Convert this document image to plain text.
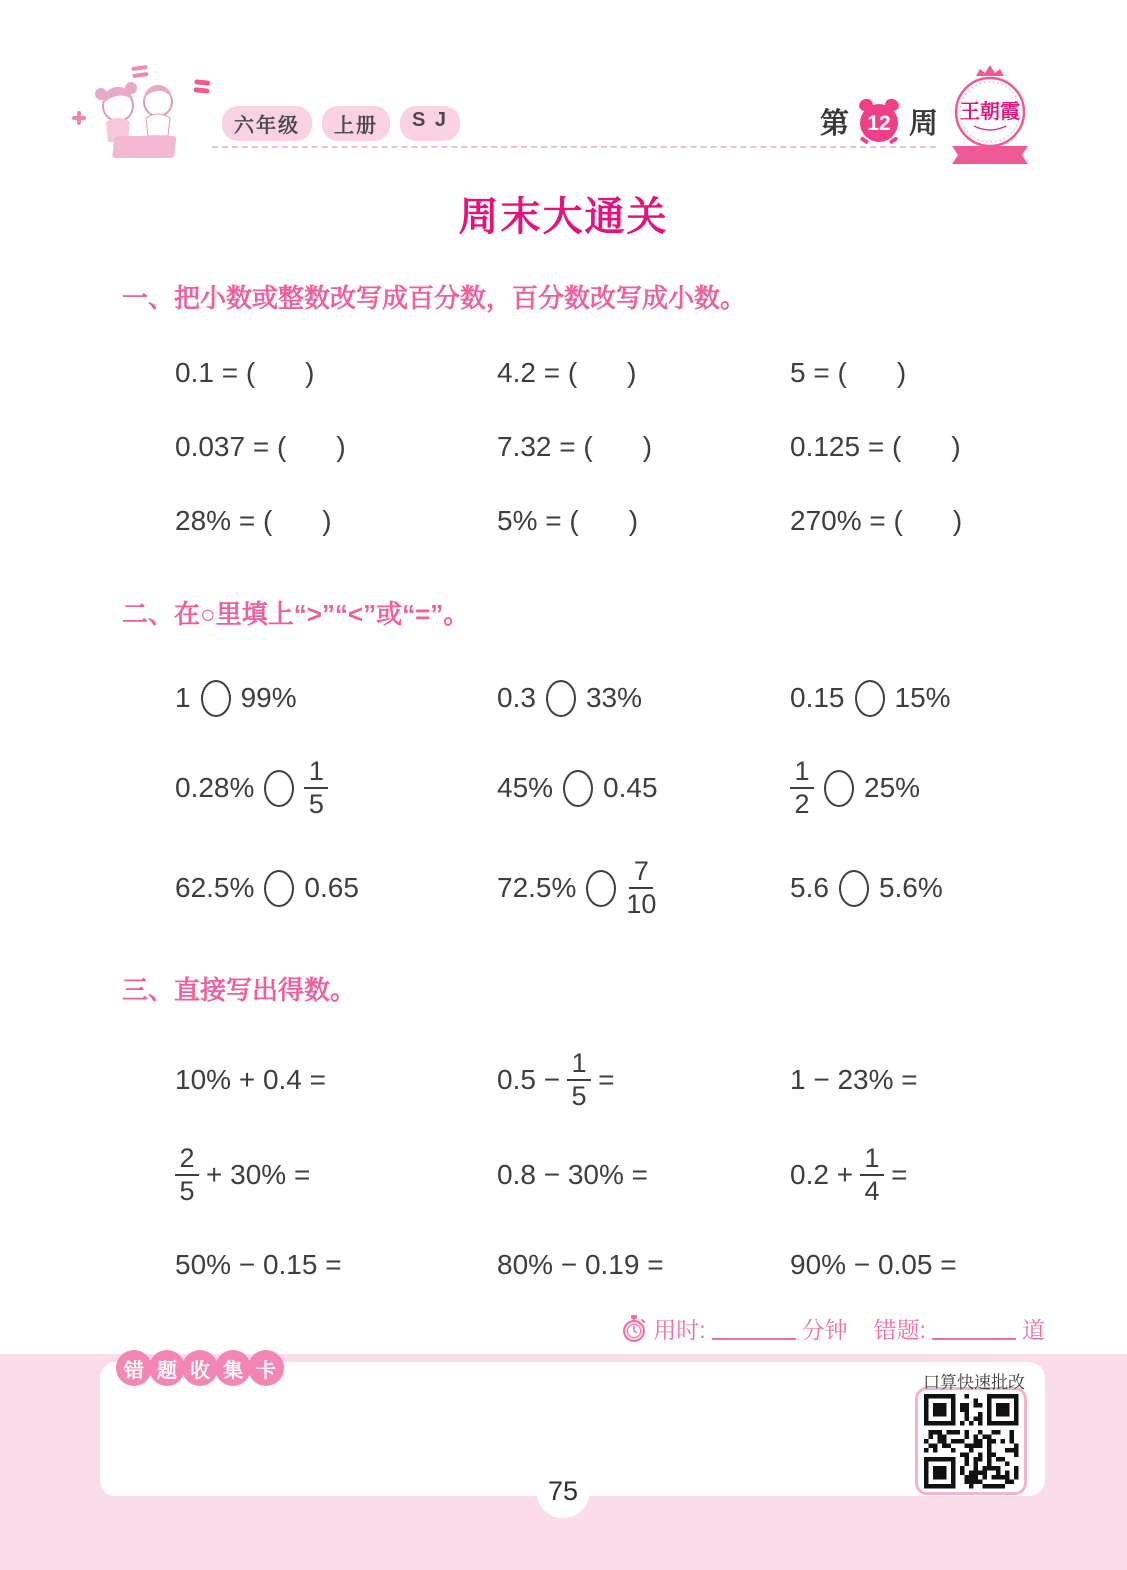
六年级	上册	S J	第 12 周 王朝霞
周末大通关
一、把小数或整数改写成百分数，百分数改写成小数。
0.1 = ( )	4.2 = ( )	5 = ( )
0.037 = ( )	7.32 = ( )	0.125 = ( )
28% = ( )	5% = ( )	270% = ( )
二、在○里填上“>”“<”或“=”。
1 99%	0.3 33%	0.15 15%
$0.28\% \frac{1}{5}$	45% 0.45	$\frac{1}{2} 25\%$
62.5% 0.65	$72.5\% \frac{7}{10}$	5.6 5.6%
三、直接写出得数。
10% + 0.4 =	$0.5 - \frac{1}{5}$ =	1 − 23% =
$\frac{2}{5} + 30\%$ =	0.8 − 30% =	$0.2 + \frac{1}{4}$ =
50% − 0.15 =	80% − 0.19 =	90% − 0.05 =
用时:	分钟 错题:	道
错 题 收 集 卡
口算快速批改
75
